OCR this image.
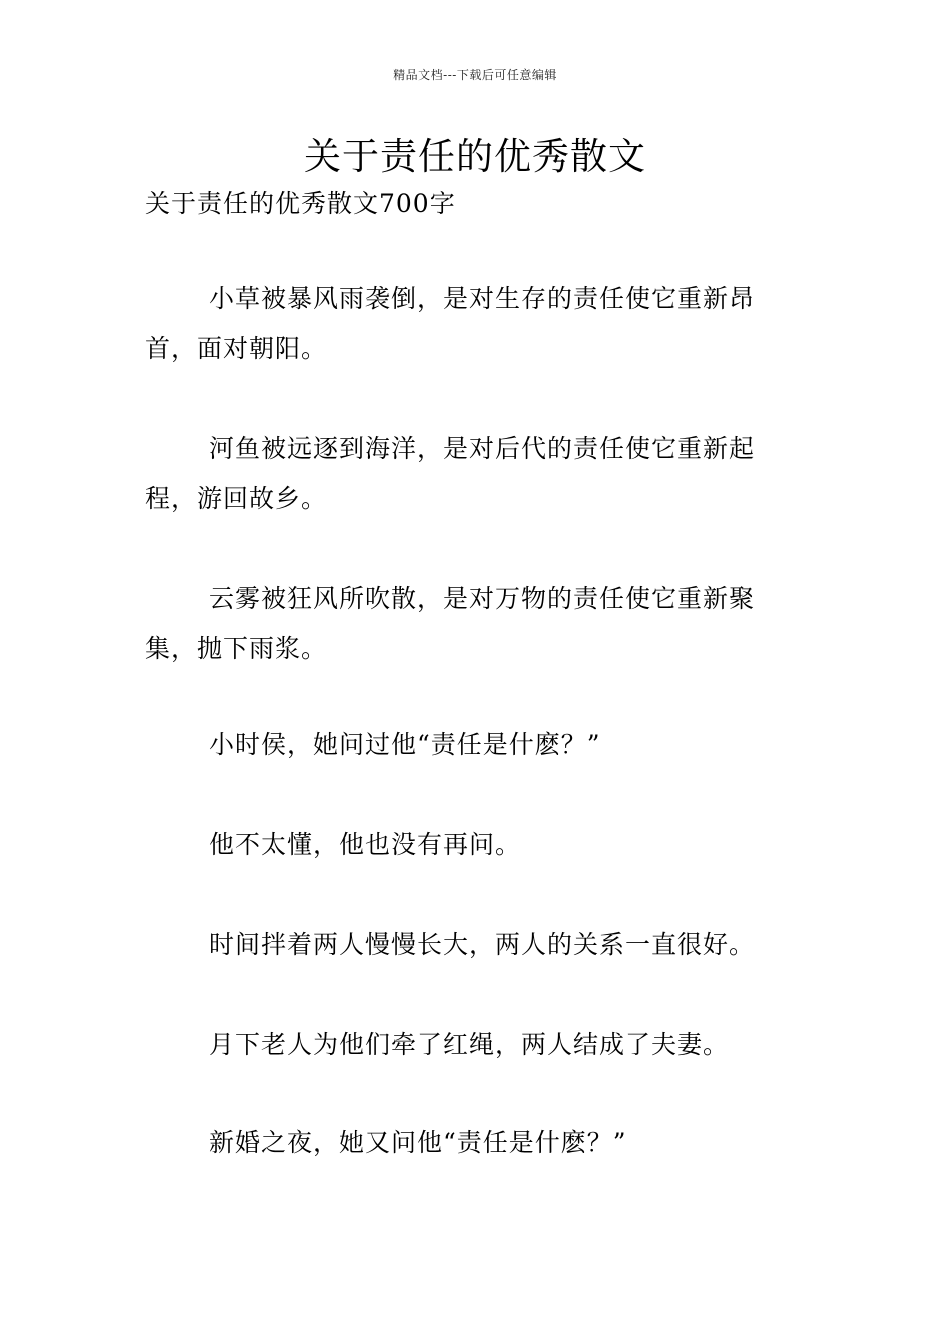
精品文档---下载后可任意编辑
关于责任的优秀散文
关于责任的优秀散文700字

小草被暴风雨袭倒，是对生存的责任使它重新昂首，面对朝阳。

河鱼被远逐到海洋，是对后代的责任使它重新起程，游回故乡。

云雾被狂风所吹散，是对万物的责任使它重新聚集，抛下雨浆。

小时侯，她问过他“责任是什麽？”

他不太懂，他也没有再问。

时间拌着两人慢慢长大，两人的关系一直很好。

月下老人为他们牵了红绳，两人结成了夫妻。

新婚之夜，她又问他“责任是什麽？”
